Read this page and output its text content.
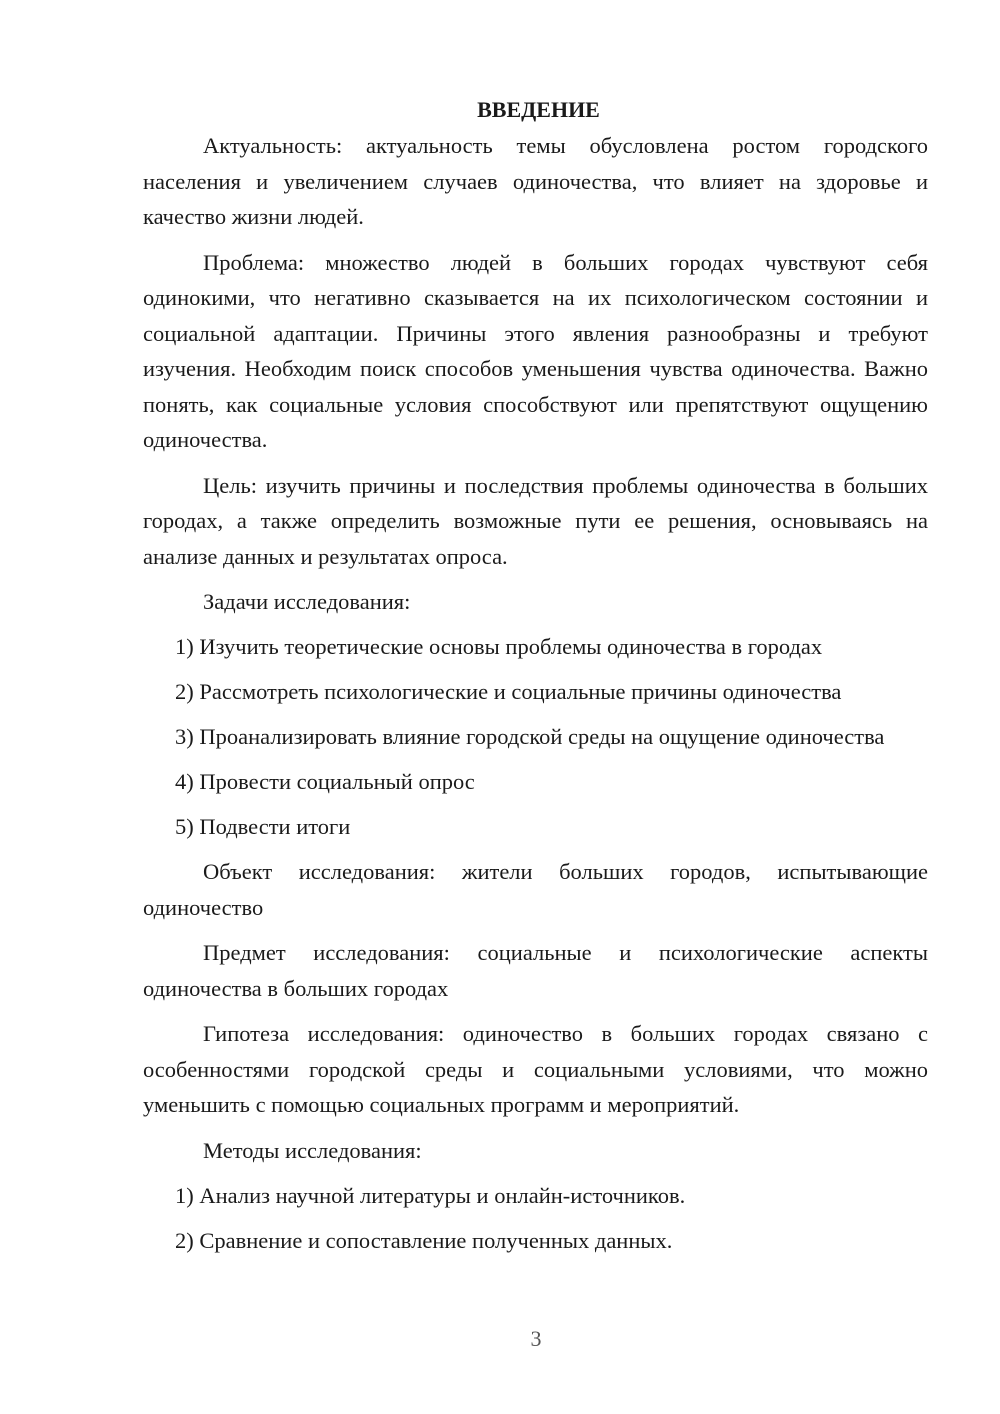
ВВЕДЕНИЕ

Актуальность: актуальность темы обусловлена ростом городского населения и увеличением случаев одиночества, что влияет на здоровье и качество жизни людей.

Проблема: множество людей в больших городах чувствуют себя одинокими, что негативно сказывается на их психологическом состоянии и социальной адаптации. Причины этого явления разнообразны и требуют изучения. Необходим поиск способов уменьшения чувства одиночества. Важно понять, как социальные условия способствуют или препятствуют ощущению одиночества.

Цель: изучить причины и последствия проблемы одиночества в больших городах, а также определить возможные пути ее решения, основываясь на анализе данных и результатах опроса.

Задачи исследования:

1) Изучить теоретические основы проблемы одиночества в городах

2) Рассмотреть психологические и социальные причины одиночества

3) Проанализировать влияние городской среды на ощущение одиночества

4) Провести социальный опрос

5) Подвести итоги

Объект исследования: жители больших городов, испытывающие одиночество

Предмет исследования: социальные и психологические аспекты одиночества в больших городах

Гипотеза исследования: одиночество в больших городах связано с особенностями городской среды и социальными условиями, что можно уменьшить с помощью социальных программ и мероприятий.

Методы исследования:

1) Анализ научной литературы и онлайн-источников.

2) Сравнение и сопоставление полученных данных.

3
